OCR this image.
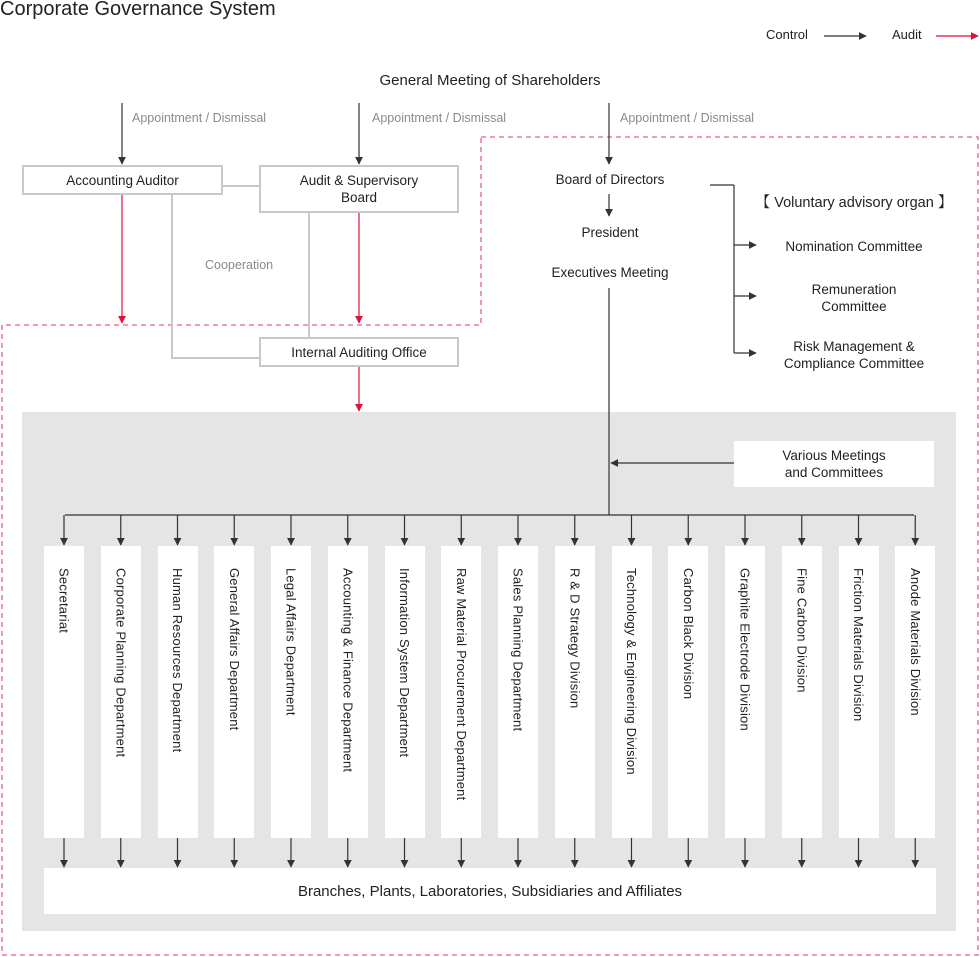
Corporate Governance System
Control	Audit
General Meeting of Shareholders
Appointment / Dismissal	Appointment / Dismissal	Appointment / Dismissal
Accounting Auditor	Audit & Supervisory
Board
Cooperation
Internal Auditing Office
Board of Directors
President
Executives Meeting
【 Voluntary advisory organ 】
Nomination Committee
Remuneration
Committee
Risk Management &
Compliance Committee
Various Meetings
and Committees
Secretariat	Corporate Planning Department	Human Resources Department	General Affairs Department	Legal Affairs Department	Accounting & Finance Department	Information System Department	Raw Material Procurement Department	Sales Planning Department	R & D Strategy Division	Technology & Engineering Division	Carbon Black Division	Graphite Electrode Division	Fine Carbon Division	Friction Materials Division	Anode Materials Division
Branches, Plants, Laboratories, Subsidiaries and Affiliates
